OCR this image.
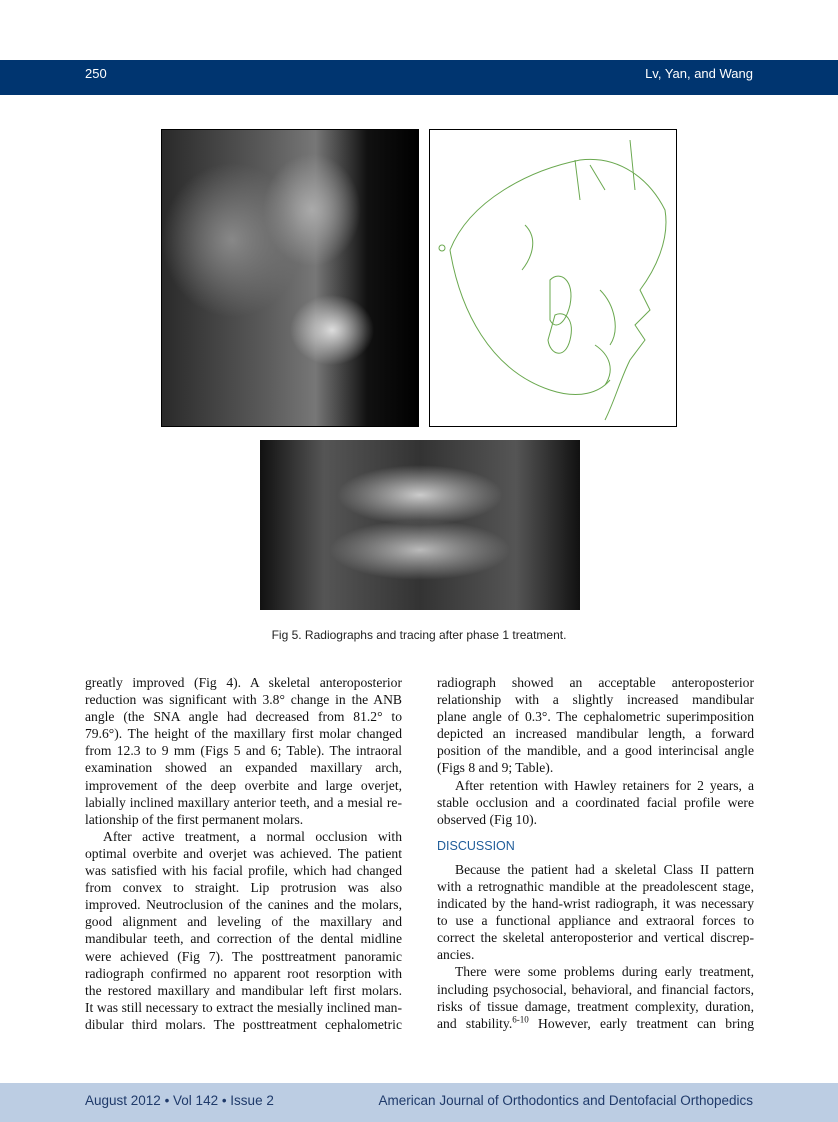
250	Lv, Yan, and Wang
Fig 5. Radiographs and tracing after phase 1 treatment.
greatly improved (Fig 4). A skeletal anteroposterior
reduction was significant with 3.8° change in the ANB
angle (the SNA angle had decreased from 81.2° to
79.6°). The height of the maxillary first molar changed
from 12.3 to 9 mm (Figs 5 and 6; Table). The intraoral
examination showed an expanded maxillary arch,
improvement of the deep overbite and large overjet,
labially inclined maxillary anterior teeth, and a mesial re-
lationship of the first permanent molars.
After active treatment, a normal occlusion with
optimal overbite and overjet was achieved. The patient
was satisfied with his facial profile, which had changed
from convex to straight. Lip protrusion was also
improved. Neutroclusion of the canines and the molars,
good alignment and leveling of the maxillary and
mandibular teeth, and correction of the dental midline
were achieved (Fig 7). The posttreatment panoramic
radiograph confirmed no apparent root resorption with
the restored maxillary and mandibular left first molars.
It was still necessary to extract the mesially inclined man-
dibular third molars. The posttreatment cephalometric
radiograph showed an acceptable anteroposterior
relationship with a slightly increased mandibular
plane angle of 0.3°. The cephalometric superimposition
depicted an increased mandibular length, a forward
position of the mandible, and a good interincisal angle
(Figs 8 and 9; Table).
After retention with Hawley retainers for 2 years, a
stable occlusion and a coordinated facial profile were
observed (Fig 10).
DISCUSSION
Because the patient had a skeletal Class II pattern
with a retrognathic mandible at the preadolescent stage,
indicated by the hand-wrist radiograph, it was necessary
to use a functional appliance and extraoral forces to
correct the skeletal anteroposterior and vertical discrep-
ancies.
There were some problems during early treatment,
including psychosocial, behavioral, and financial factors,
risks of tissue damage, treatment complexity, duration,
and stability.$^{6-10}$ However, early treatment can bring
August 2012 • Vol 142 • Issue 2	American Journal of Orthodontics and Dentofacial Orthopedics
